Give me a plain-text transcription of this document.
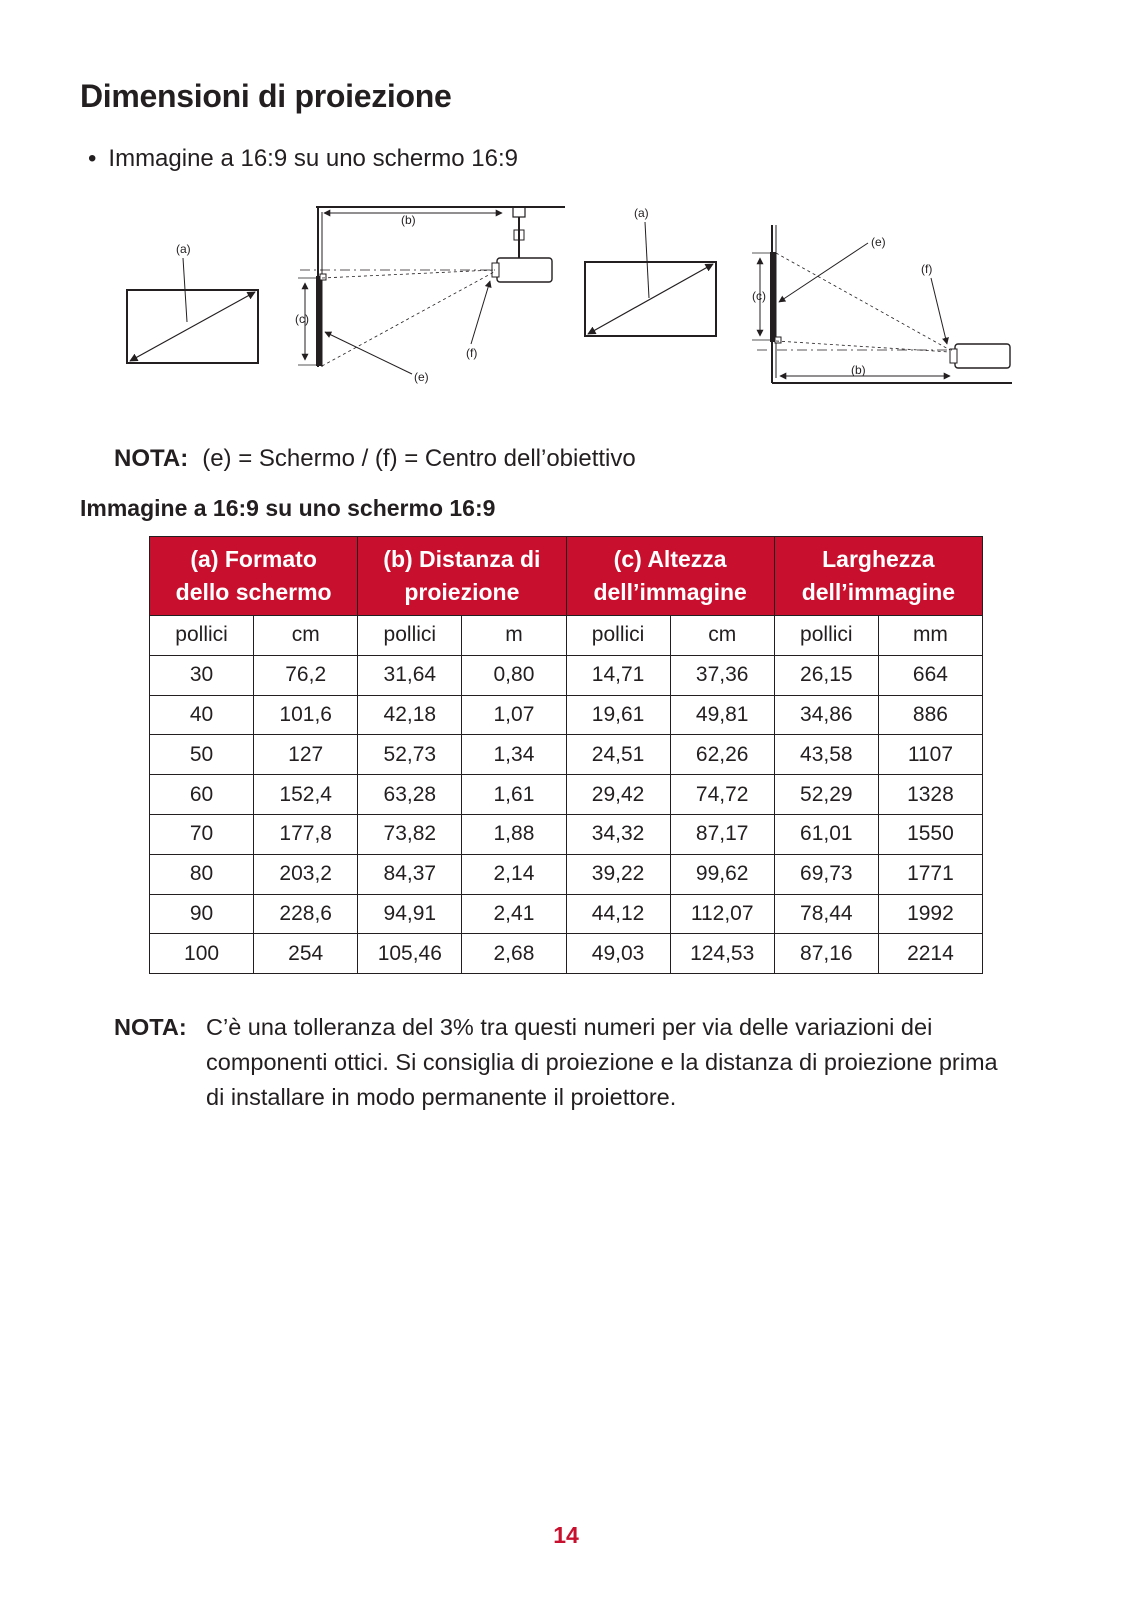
Dimensioni di proiezione
• Immagine a 16:9 su uno schermo 16:9
(a)
(b)
(c)
(e)
(f)
(a)
(c)
(b)
(e)
(f)
NOTA: (e) = Schermo / (f) = Centro dell’obiettivo
Immagine a 16:9 su uno schermo 16:9
(a) Formato
dello schermo		(b) Distanza di
proiezione		(c) Altezza
dell’immagine		Larghezza
dell’immagine	
pollici	cm	pollici	m	pollici	cm	pollici	mm
30	76,2	31,64	0,80	14,71	37,36	26,15	664
40	101,6	42,18	1,07	19,61	49,81	34,86	886
50	127	52,73	1,34	24,51	62,26	43,58	1107
60	152,4	63,28	1,61	29,42	74,72	52,29	1328
70	177,8	73,82	1,88	34,32	87,17	61,01	1550
80	203,2	84,37	2,14	39,22	99,62	69,73	1771
90	228,6	94,91	2,41	44,12	112,07	78,44	1992
100	254	105,46	2,68	49,03	124,53	87,16	2214
NOTA: C’è una tolleranza del 3% tra questi numeri per via delle variazioni dei componenti ottici. Si consiglia di proiezione e la distanza di proiezione prima di installare in modo permanente il proiettore.
14
